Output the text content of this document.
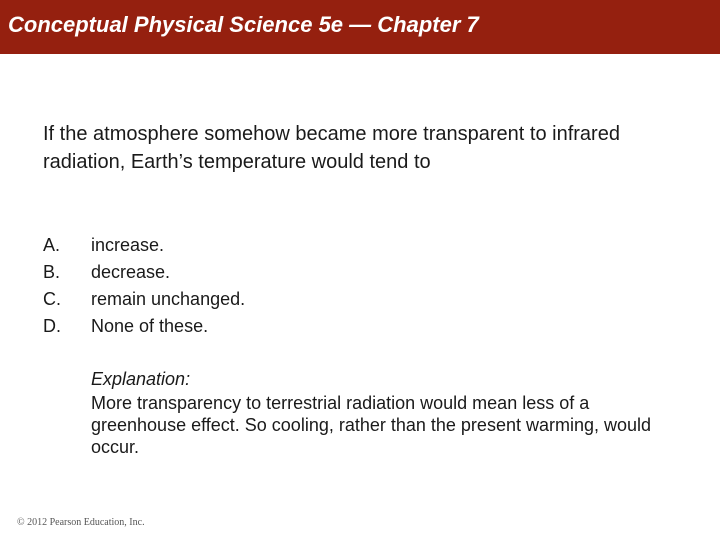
Conceptual Physical Science 5e — Chapter 7
If the atmosphere somehow became more transparent to infrared radiation, Earth’s temperature would tend to
A.	increase.
B.	decrease.
C.	remain unchanged.
D.	None of these.
Explanation:
More transparency to terrestrial radiation would mean less of a greenhouse effect. So cooling, rather than the present warming, would occur.
© 2012 Pearson Education, Inc.
